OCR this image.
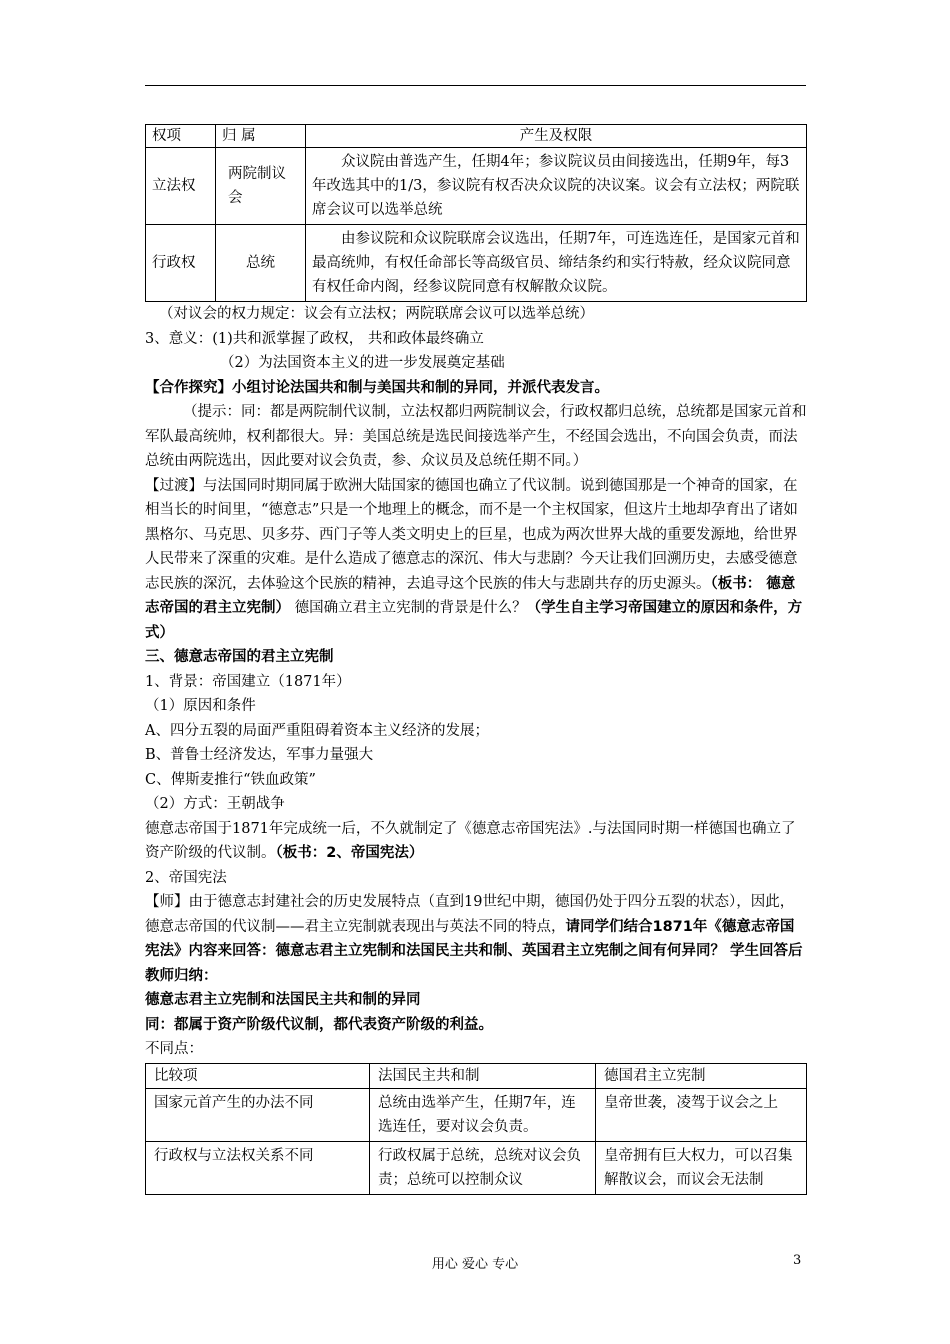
权项	归 属	产生及权限
立法权	两院制议会	众议院由普选产生，任期4年；参议院议员由间接选出，任期9年，每3年改选其中的1/3，参议院有权否决众议院的决议案。议会有立法权；两院联席会议可以选举总统
行政权	总统	由参议院和众议院联席会议选出，任期7年，可连选连任，是国家元首和最高统帅，有权任命部长等高级官员、缔结条约和实行特赦，经众议院同意有权任命内阁，经参议院同意有权解散众议院。

（对议会的权力规定：议会有立法权；两院联席会议可以选举总统）

3、意义：(1)共和派掌握了政权， 共和政体最终确立

（2）为法国资本主义的进一步发展奠定基础

【合作探究】小组讨论法国共和制与美国共和制的异同，并派代表发言。

（提示：同：都是两院制代议制，立法权都归两院制议会，行政权都归总统，总统都是国家元首和军队最高统帅，权利都很大。异：美国总统是选民间接选举产生，不经国会选出，不向国会负责，而法总统由两院选出，因此要对议会负责，参、众议员及总统任期不同。）

【过渡】与法国同时期同属于欧洲大陆国家的德国也确立了代议制。说到德国那是一个神奇的国家，在相当长的时间里，“德意志”只是一个地理上的概念，而不是一个主权国家，但这片土地却孕育出了诸如黑格尔、马克思、贝多芬、西门子等人类文明史上的巨星，也成为两次世界大战的重要发源地，给世界人民带来了深重的灾难。是什么造成了德意志的深沉、伟大与悲剧？今天让我们回溯历史，去感受德意志民族的深沉，去体验这个民族的精神，去追寻这个民族的伟大与悲剧共存的历史源头。（板书： 德意志帝国的君主立宪制） 德国确立君主立宪制的背景是什么？（学生自主学习帝国建立的原因和条件，方式）

三、德意志帝国的君主立宪制

1、背景：帝国建立（1871年）

（1）原因和条件

A、四分五裂的局面严重阻碍着资本主义经济的发展；

B、普鲁士经济发达，军事力量强大

C、俾斯麦推行“铁血政策”

（2）方式：王朝战争

德意志帝国于1871年完成统一后，不久就制定了《德意志帝国宪法》.与法国同时期一样德国也确立了资产阶级的代议制。（板书：2、帝国宪法）

2、帝国宪法

【师】由于德意志封建社会的历史发展特点（直到19世纪中期，德国仍处于四分五裂的状态），因此，德意志帝国的代议制——君主立宪制就表现出与英法不同的特点，请同学们结合1871年《德意志帝国宪法》内容来回答：德意志君主立宪制和法国民主共和制、英国君主立宪制之间有何异同？ 学生回答后教师归纳：

德意志君主立宪制和法国民主共和制的异同

同：都属于资产阶级代议制，都代表资产阶级的利益。

不同点：

比较项	法国民主共和制	德国君主立宪制
国家元首产生的办法不同	总统由选举产生，任期7年，连选连任，要对议会负责。	皇帝世袭，凌驾于议会之上
行政权与立法权关系不同	行政权属于总统，总统对议会负责；总统可以控制众议	皇帝拥有巨大权力，可以召集解散议会，而议会无法制
用心 爱心 专心	3
